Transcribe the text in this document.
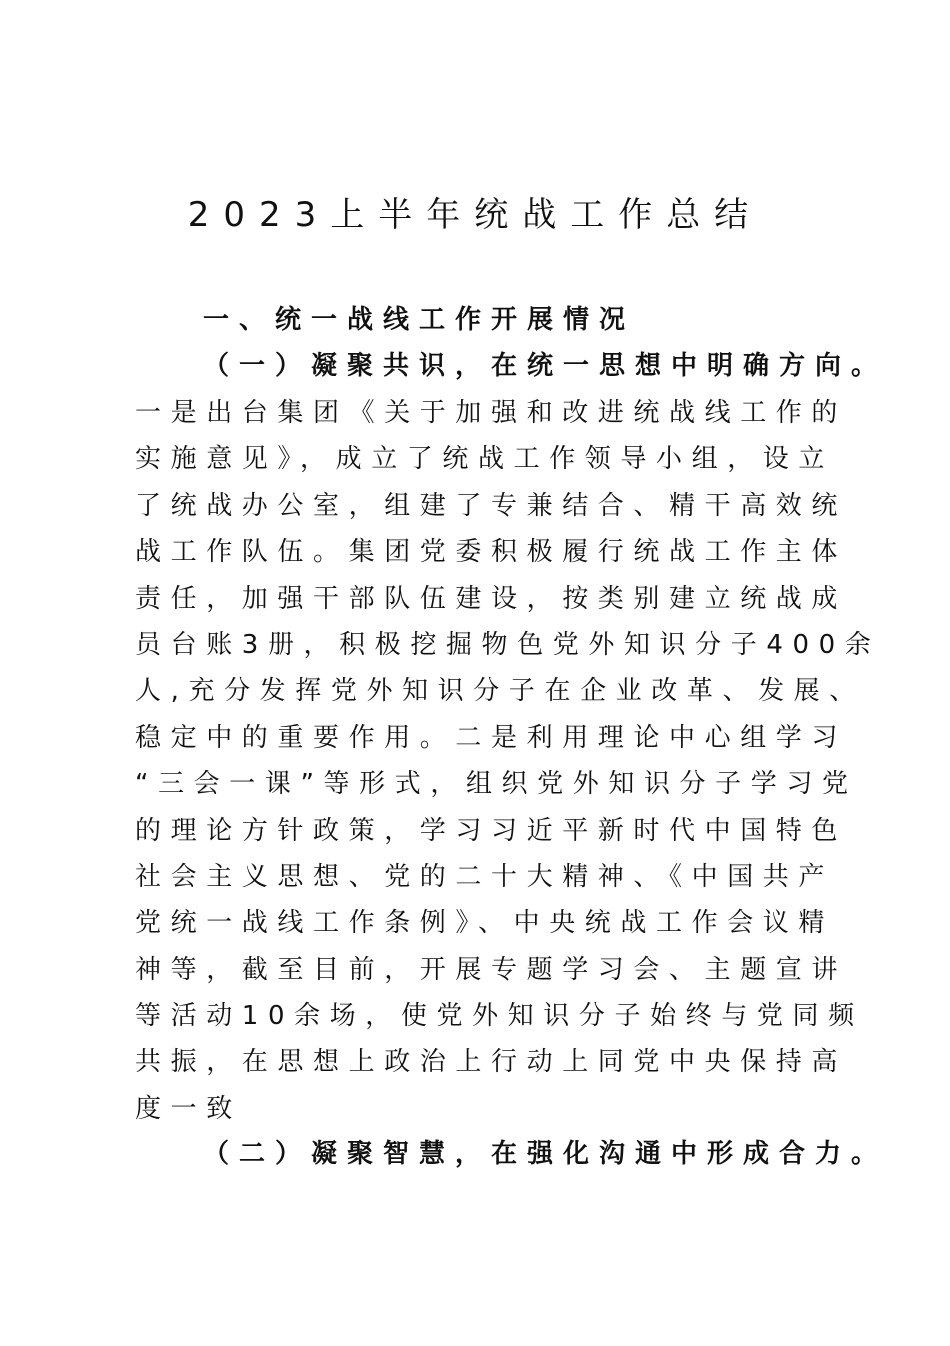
2023上半年统战工作总结
一、统一战线工作开展情况
（一）凝聚共识，在统一思想中明确方向。
一是出台集团《关于加强和改进统战线工作的
实施意见》，成立了统战工作领导小组，设立
了统战办公室，组建了专兼结合、精干高效统
战工作队伍。集团党委积极履行统战工作主体
责任，加强干部队伍建设，按类别建立统战成
员台账3册，积极挖掘物色党外知识分子400余
人,充分发挥党外知识分子在企业改革、发展、
稳定中的重要作用。二是利用理论中心组学习
“三会一课”等形式，组织党外知识分子学习党
的理论方针政策，学习习近平新时代中国特色
社会主义思想、党的二十大精神、《中国共产
党统一战线工作条例》、中央统战工作会议精
神等，截至目前，开展专题学习会、主题宣讲
等活动10余场，使党外知识分子始终与党同频
共振，在思想上政治上行动上同党中央保持高
度一致
（二）凝聚智慧，在强化沟通中形成合力。
